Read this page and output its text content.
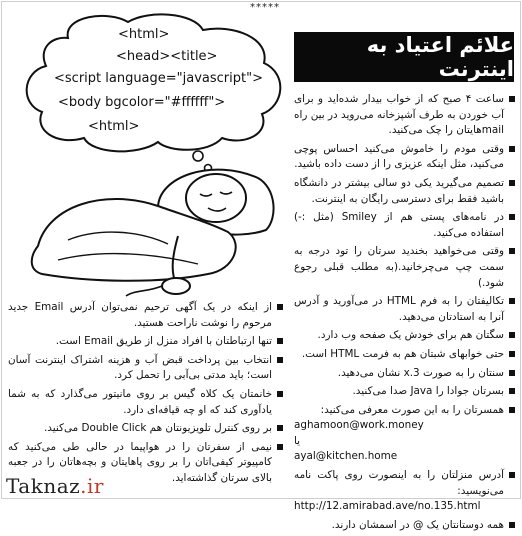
*****
<html>
<head><title>
<script language="javascript">
<body bgcolor="#ffffff">
<html>
علائم اعتیاد به اینترنت
ساعت ۴ صبح که از خواب بیدار شده‌اید و برای آب خوردن به طرف آشپزخانه می‌روید در بین راه mailهایتان را چک می‌کنید.
وقتی مودم را خاموش می‌کنید احساس پوچی می‌کنید، مثل اینکه عزیزی را از دست داده باشید.
تصمیم می‌گیرید یکی دو سالی بیشتر در دانشگاه باشید فقط برای دسترسی رایگان به اینترنت.
در نامه‌های پستی هم از Smiley (مثل :-) استفاده می‌کنید.
وقتی می‌خواهید بخندید سرتان را تود درجه به سمت چپ می‌چرخانید.(به مطلب قبلی رجوع شود.)
تکالیفتان را به فرم HTML در می‌آورید و آدرس آنرا به استادتان می‌دهید.
سگتان هم برای خودش یک صفحه وب دارد.
حتی خوابهای شبتان هم به فرمت HTML است.
سنتان را به صورت 3.x نشان می‌دهید.
بسرتان جوادا را Java صدا می‌کنید.
همسرتان را به این صورت معرفی می‌کنید:
aghamoon@work.money
یا
ayal@kitchen.home
آدرس منزلتان را به اینصورت روی پاکت نامه می‌نویسید:
http://12.amirabad.ave/no.135.html
همه دوستانتان یک @ در اسمشان دارند.
از اینکه در یک آگهی ترحیم نمی‌توان آدرس Email جدید مرحوم را نوشت ناراحت هستید.
تنها ارتباطتان با افراد منزل از طریق Email است.
انتخاب بین پرداخت قبض آب و هزینه اشتراک اینترنت آسان است؛ باید مدتی بی‌آبی را تحمل کرد.
خانمتان یک کلاه گیس بر روی مانیتور می‌گذارد که به شما یادآوری کند که او چه قیافه‌ای دارد.
بر روی کنترل تلویزیونتان هم Double Click می‌کنید.
نیمی از سفرتان را در هواپیما در حالی طی می‌کنید که کامپیوتر کیفی‌اتان را بر روی پاهایتان و بچه‌هاتان را در جعبه بالای سرتان گذاشته‌اید.
Taknaz.ir
